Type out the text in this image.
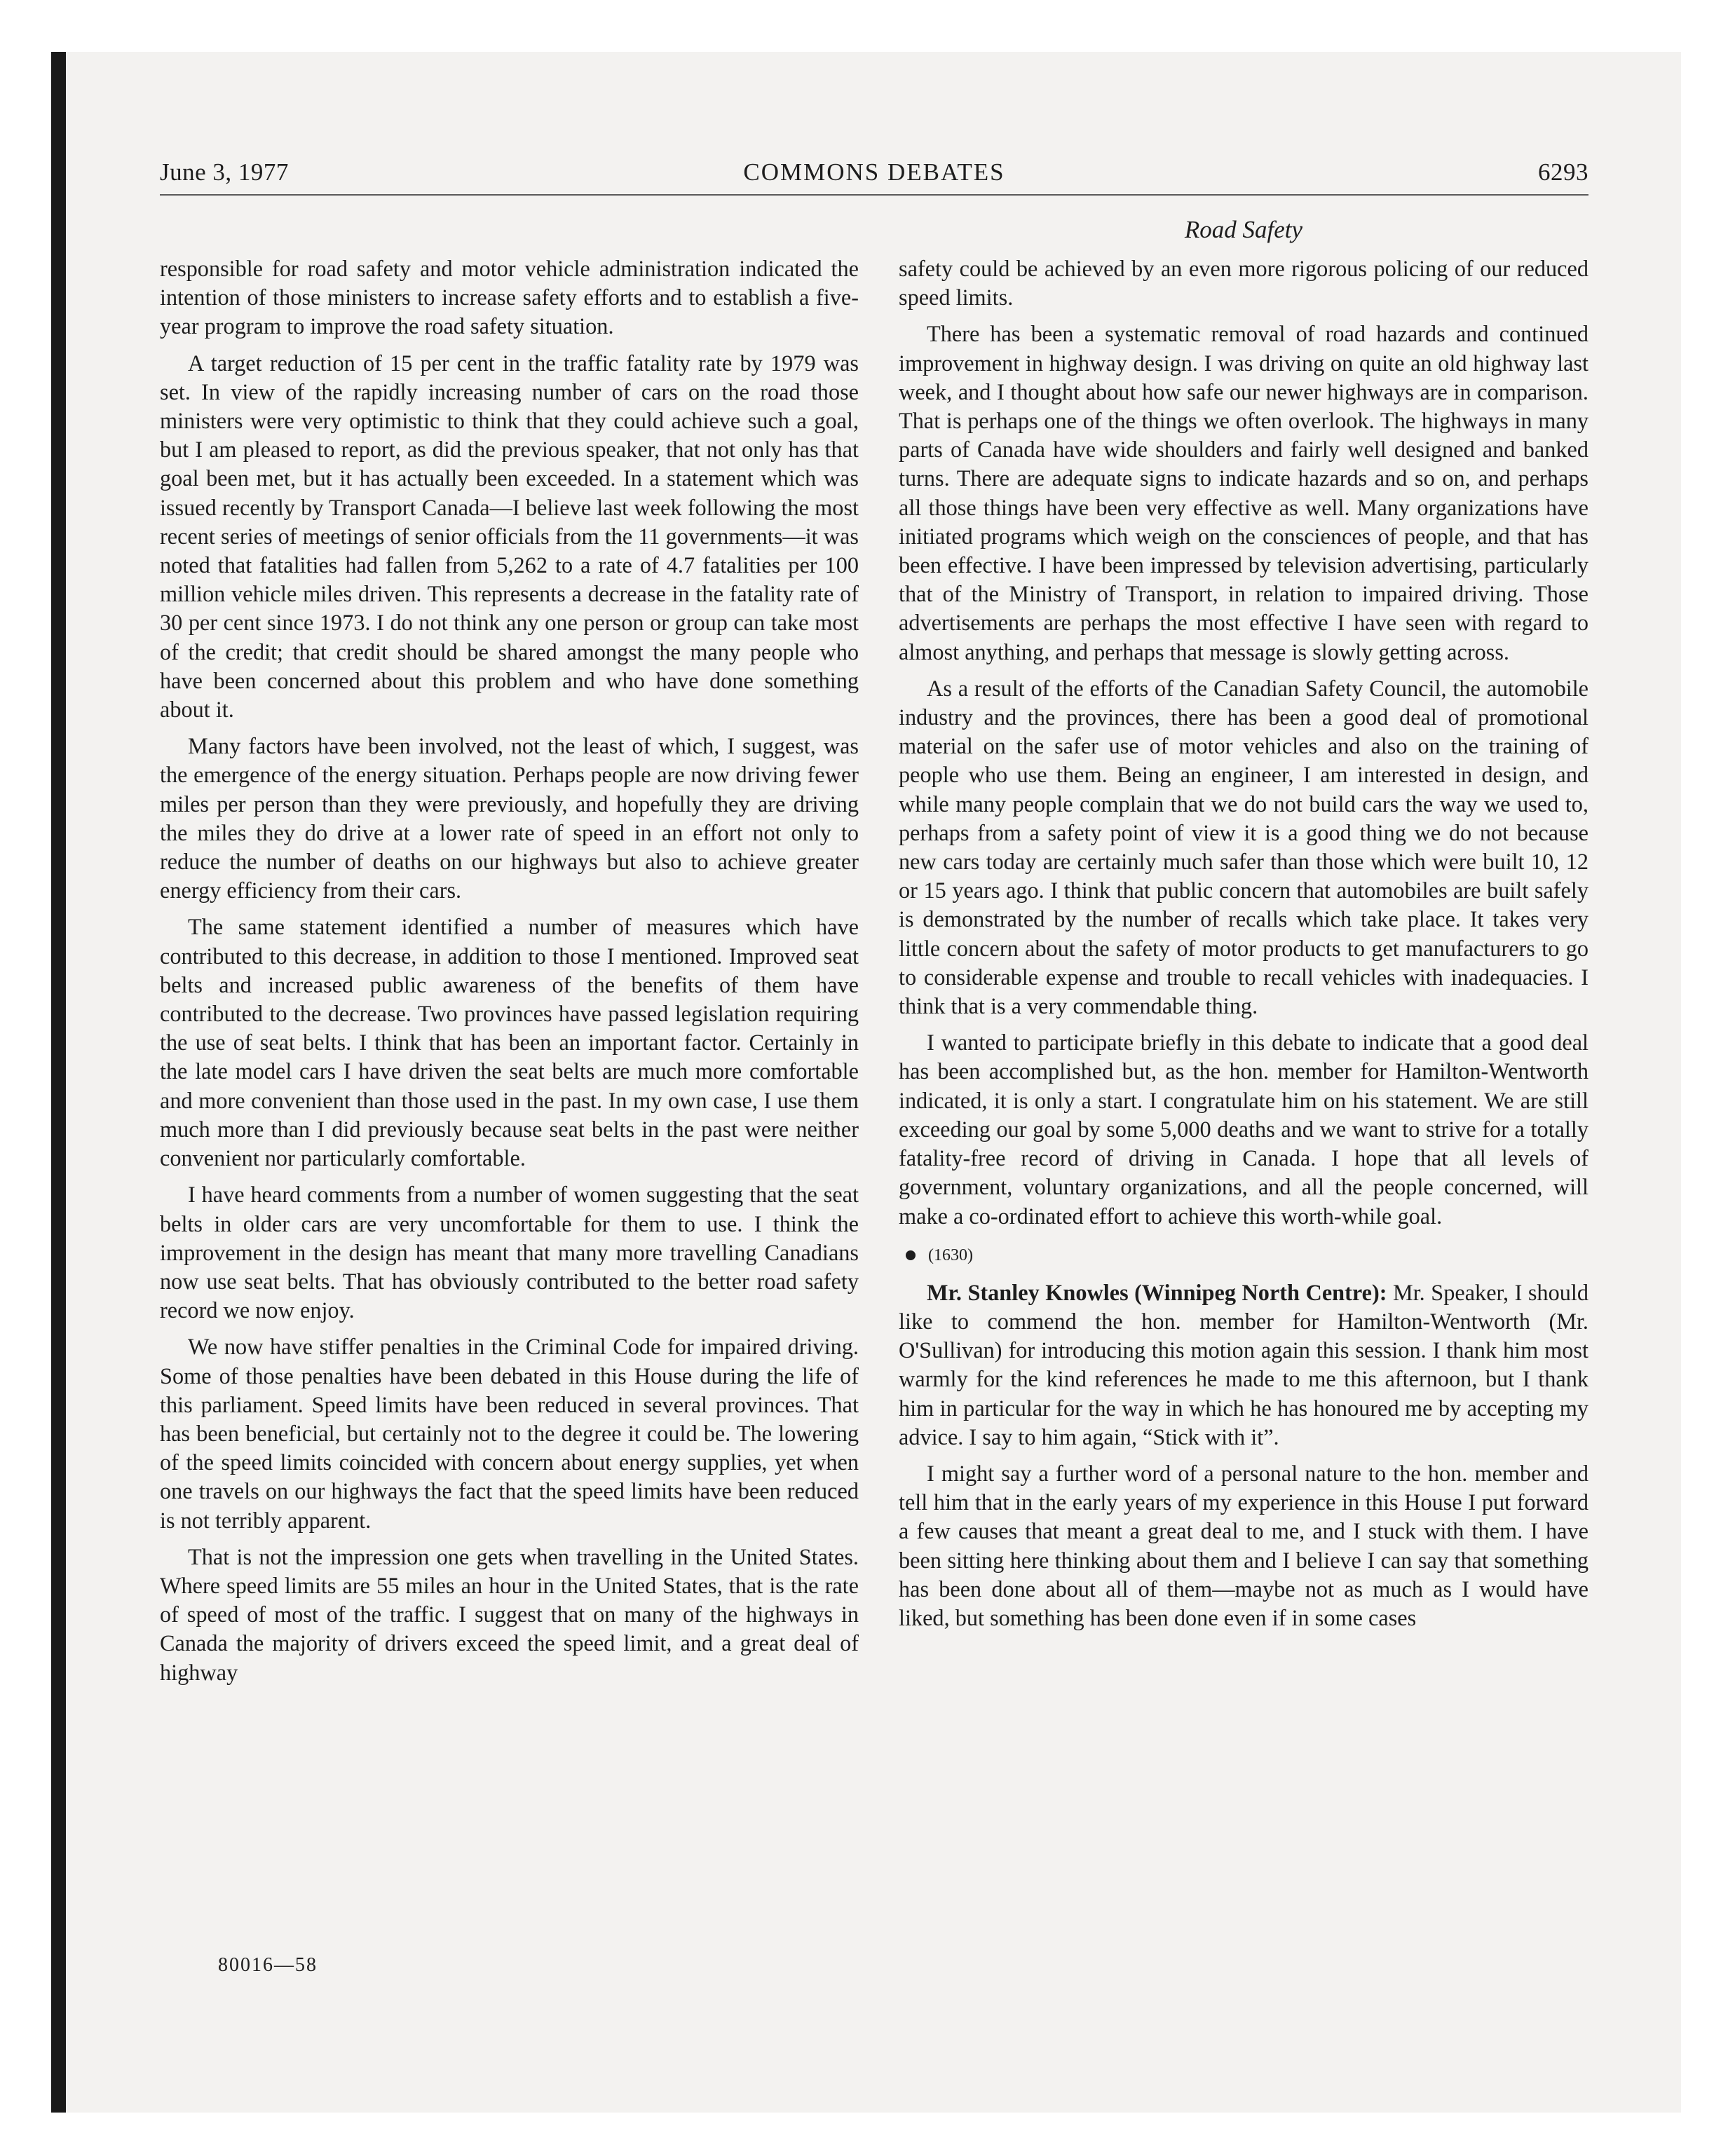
COMMONS DEBATES
June 3, 1977	6293
Road Safety

responsible for road safety and motor vehicle administration indicated the intention of those ministers to increase safety efforts and to establish a five-year program to improve the road safety situation.

A target reduction of 15 per cent in the traffic fatality rate by 1979 was set. In view of the rapidly increasing number of cars on the road those ministers were very optimistic to think that they could achieve such a goal, but I am pleased to report, as did the previous speaker, that not only has that goal been met, but it has actually been exceeded. In a statement which was issued recently by Transport Canada—I believe last week following the most recent series of meetings of senior officials from the 11 governments—it was noted that fatalities had fallen from 5,262 to a rate of 4.7 fatalities per 100 million vehicle miles driven. This represents a decrease in the fatality rate of 30 per cent since 1973. I do not think any one person or group can take most of the credit; that credit should be shared amongst the many people who have been concerned about this problem and who have done something about it.

Many factors have been involved, not the least of which, I suggest, was the emergence of the energy situation. Perhaps people are now driving fewer miles per person than they were previously, and hopefully they are driving the miles they do drive at a lower rate of speed in an effort not only to reduce the number of deaths on our highways but also to achieve greater energy efficiency from their cars.

The same statement identified a number of measures which have contributed to this decrease, in addition to those I mentioned. Improved seat belts and increased public awareness of the benefits of them have contributed to the decrease. Two provinces have passed legislation requiring the use of seat belts. I think that has been an important factor. Certainly in the late model cars I have driven the seat belts are much more comfortable and more convenient than those used in the past. In my own case, I use them much more than I did previously because seat belts in the past were neither convenient nor particularly comfortable.

I have heard comments from a number of women suggesting that the seat belts in older cars are very uncomfortable for them to use. I think the improvement in the design has meant that many more travelling Canadians now use seat belts. That has obviously contributed to the better road safety record we now enjoy.

We now have stiffer penalties in the Criminal Code for impaired driving. Some of those penalties have been debated in this House during the life of this parliament. Speed limits have been reduced in several provinces. That has been beneficial, but certainly not to the degree it could be. The lowering of the speed limits coincided with concern about energy supplies, yet when one travels on our highways the fact that the speed limits have been reduced is not terribly apparent.

That is not the impression one gets when travelling in the United States. Where speed limits are 55 miles an hour in the United States, that is the rate of speed of most of the traffic. I suggest that on many of the highways in Canada the majority of drivers exceed the speed limit, and a great deal of highway

safety could be achieved by an even more rigorous policing of our reduced speed limits.

There has been a systematic removal of road hazards and continued improvement in highway design. I was driving on quite an old highway last week, and I thought about how safe our newer highways are in comparison. That is perhaps one of the things we often overlook. The highways in many parts of Canada have wide shoulders and fairly well designed and banked turns. There are adequate signs to indicate hazards and so on, and perhaps all those things have been very effective as well. Many organizations have initiated programs which weigh on the consciences of people, and that has been effective. I have been impressed by television advertising, particularly that of the Ministry of Transport, in relation to impaired driving. Those advertisements are perhaps the most effective I have seen with regard to almost anything, and perhaps that message is slowly getting across.

As a result of the efforts of the Canadian Safety Council, the automobile industry and the provinces, there has been a good deal of promotional material on the safer use of motor vehicles and also on the training of people who use them. Being an engineer, I am interested in design, and while many people complain that we do not build cars the way we used to, perhaps from a safety point of view it is a good thing we do not because new cars today are certainly much safer than those which were built 10, 12 or 15 years ago. I think that public concern that automobiles are built safely is demonstrated by the number of recalls which take place. It takes very little concern about the safety of motor products to get manufacturers to go to considerable expense and trouble to recall vehicles with inadequacies. I think that is a very commendable thing.

I wanted to participate briefly in this debate to indicate that a good deal has been accomplished but, as the hon. member for Hamilton-Wentworth indicated, it is only a start. I congratulate him on his statement. We are still exceeding our goal by some 5,000 deaths and we want to strive for a totally fatality-free record of driving in Canada. I hope that all levels of government, voluntary organizations, and all the people concerned, will make a co-ordinated effort to achieve this worth-while goal.

(1630)

Mr. Stanley Knowles (Winnipeg North Centre): Mr. Speaker, I should like to commend the hon. member for Hamilton-Wentworth (Mr. O'Sullivan) for introducing this motion again this session. I thank him most warmly for the kind references he made to me this afternoon, but I thank him in particular for the way in which he has honoured me by accepting my advice. I say to him again, “Stick with it”.

I might say a further word of a personal nature to the hon. member and tell him that in the early years of my experience in this House I put forward a few causes that meant a great deal to me, and I stuck with them. I have been sitting here thinking about them and I believe I can say that something has been done about all of them—maybe not as much as I would have liked, but something has been done even if in some cases

80016—58
